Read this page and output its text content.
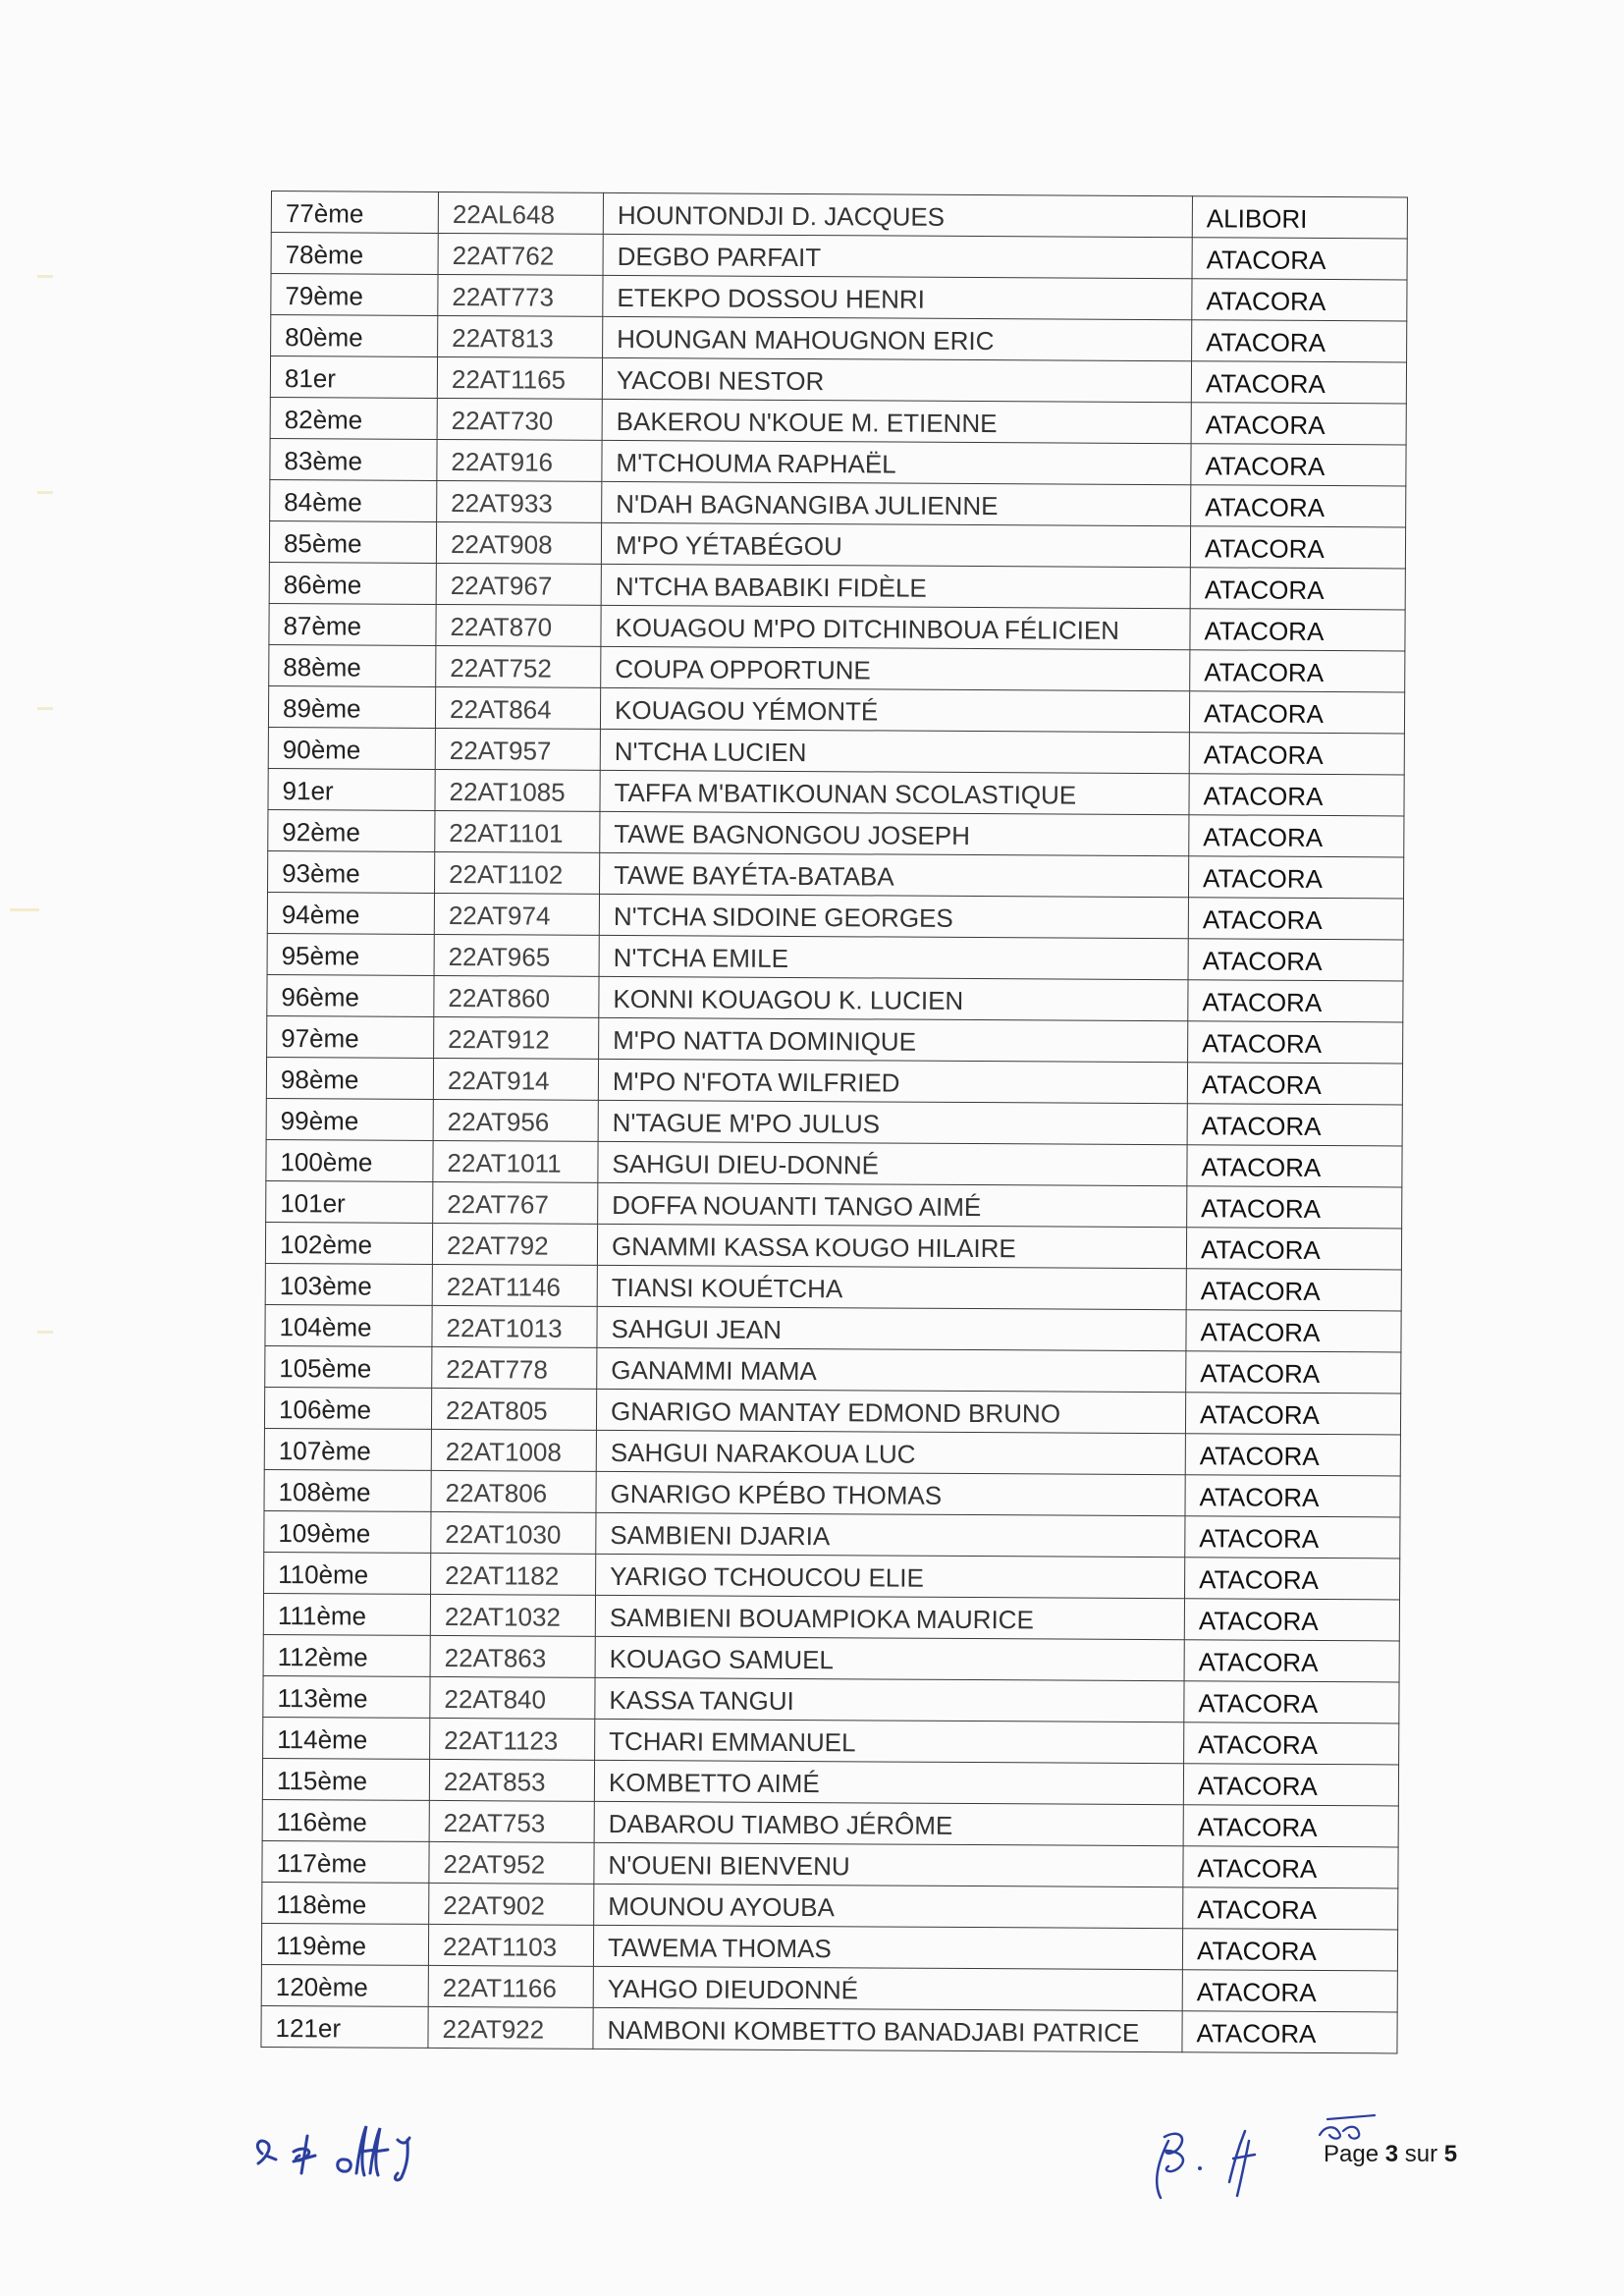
77ème	22AL648	HOUNTONDJI D. JACQUES	ALIBORI
78ème	22AT762	DEGBO PARFAIT	ATACORA
79ème	22AT773	ETEKPO DOSSOU HENRI	ATACORA
80ème	22AT813	HOUNGAN MAHOUGNON ERIC	ATACORA
81er	22AT1165	YACOBI NESTOR	ATACORA
82ème	22AT730	BAKEROU N'KOUE M. ETIENNE	ATACORA
83ème	22AT916	M'TCHOUMA RAPHAËL	ATACORA
84ème	22AT933	N'DAH BAGNANGIBA JULIENNE	ATACORA
85ème	22AT908	M'PO YÉTABÉGOU	ATACORA
86ème	22AT967	N'TCHA BABABIKI FIDÈLE	ATACORA
87ème	22AT870	KOUAGOU M'PO DITCHINBOUA FÉLICIEN	ATACORA
88ème	22AT752	COUPA OPPORTUNE	ATACORA
89ème	22AT864	KOUAGOU YÉMONTÉ	ATACORA
90ème	22AT957	N'TCHA LUCIEN	ATACORA
91er	22AT1085	TAFFA M'BATIKOUNAN SCOLASTIQUE	ATACORA
92ème	22AT1101	TAWE BAGNONGOU JOSEPH	ATACORA
93ème	22AT1102	TAWE BAYÉTA-BATABA	ATACORA
94ème	22AT974	N'TCHA SIDOINE GEORGES	ATACORA
95ème	22AT965	N'TCHA EMILE	ATACORA
96ème	22AT860	KONNI KOUAGOU K. LUCIEN	ATACORA
97ème	22AT912	M'PO NATTA DOMINIQUE	ATACORA
98ème	22AT914	M'PO N'FOTA WILFRIED	ATACORA
99ème	22AT956	N'TAGUE M'PO JULUS	ATACORA
100ème	22AT1011	SAHGUI DIEU-DONNÉ	ATACORA
101er	22AT767	DOFFA NOUANTI TANGO AIMÉ	ATACORA
102ème	22AT792	GNAMMI KASSA KOUGO HILAIRE	ATACORA
103ème	22AT1146	TIANSI KOUÉTCHA	ATACORA
104ème	22AT1013	SAHGUI JEAN	ATACORA
105ème	22AT778	GANAMMI MAMA	ATACORA
106ème	22AT805	GNARIGO MANTAY EDMOND BRUNO	ATACORA
107ème	22AT1008	SAHGUI NARAKOUA LUC	ATACORA
108ème	22AT806	GNARIGO KPÉBO THOMAS	ATACORA
109ème	22AT1030	SAMBIENI DJARIA	ATACORA
110ème	22AT1182	YARIGO TCHOUCOU ELIE	ATACORA
111ème	22AT1032	SAMBIENI BOUAMPIOKA MAURICE	ATACORA
112ème	22AT863	KOUAGO SAMUEL	ATACORA
113ème	22AT840	KASSA TANGUI	ATACORA
114ème	22AT1123	TCHARI EMMANUEL	ATACORA
115ème	22AT853	KOMBETTO AIMÉ	ATACORA
116ème	22AT753	DABAROU TIAMBO JÉRÔME	ATACORA
117ème	22AT952	N'OUENI BIENVENU	ATACORA
118ème	22AT902	MOUNOU AYOUBA	ATACORA
119ème	22AT1103	TAWEMA THOMAS	ATACORA
120ème	22AT1166	YAHGO DIEUDONNÉ	ATACORA
121er	22AT922	NAMBONI KOMBETTO BANADJABI PATRICE	ATACORA
Page 3 sur 5
